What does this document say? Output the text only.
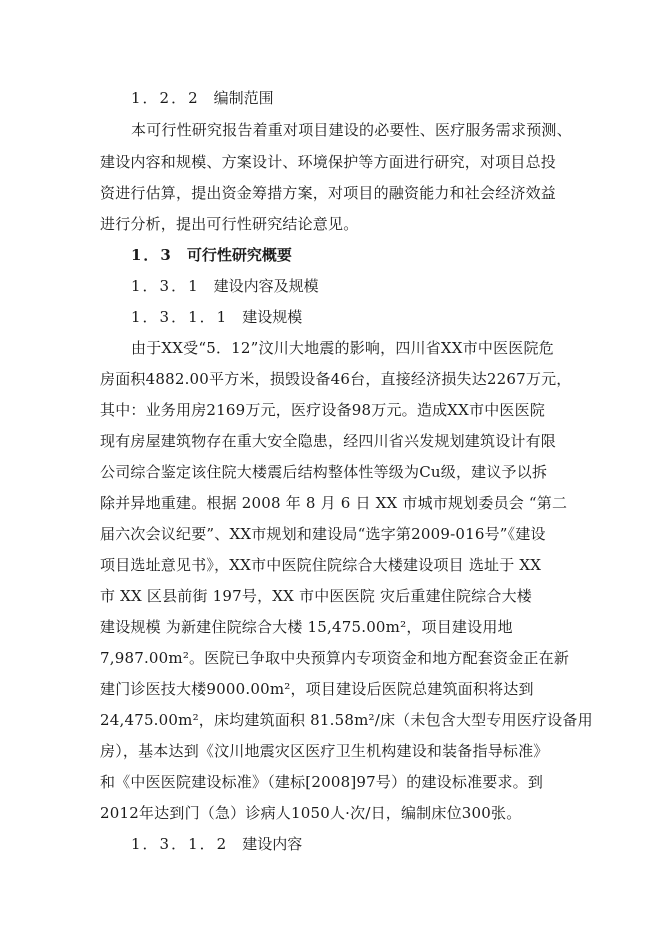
1．2．2 编制范围
本可行性研究报告着重对项目建设的必要性、医疗服务需求预测、
建设内容和规模、方案设计、环境保护等方面进行研究，对项目总投
资进行估算，提出资金筹措方案，对项目的融资能力和社会经济效益
进行分析，提出可行性研究结论意见。
1．3 可行性研究概要
1．3．1 建设内容及规模
1．3．1．1 建设规模
由于XX受“5．12”汶川大地震的影响，四川省XX市中医医院危
房面积4882.00平方米，损毁设备46台，直接经济损失达2267万元，
其中：业务用房2169万元，医疗设备98万元。造成XX市中医医院
现有房屋建筑物存在重大安全隐患，经四川省兴发规划建筑设计有限
公司综合鉴定该住院大楼震后结构整体性等级为Cu级，建议予以拆
除并异地重建。根据 2008 年 8 月 6 日 XX 市城市规划委员会 “第二
届六次会议纪要”、XX市规划和建设局“选字第2009-016号”《建设
项目选址意见书》，XX市中医院住院综合大楼建设项目 选址于 XX
市 XX 区县前街 197号，XX 市中医医院 灾后重建住院综合大楼
建设规模 为新建住院综合大楼 15,475.00m²，项目建设用地
7,987.00m²。医院已争取中央预算内专项资金和地方配套资金正在新
建门诊医技大楼9000.00m²，项目建设后医院总建筑面积将达到
24,475.00m²，床均建筑面积 81.58m²/床（未包含大型专用医疗设备用
房），基本达到《汶川地震灾区医疗卫生机构建设和装备指导标准》
和《中医医院建设标准》（建标[2008]97号）的建设标准要求。到
2012年达到门（急）诊病人1050人·次/日，编制床位300张。
1．3．1．2 建设内容
